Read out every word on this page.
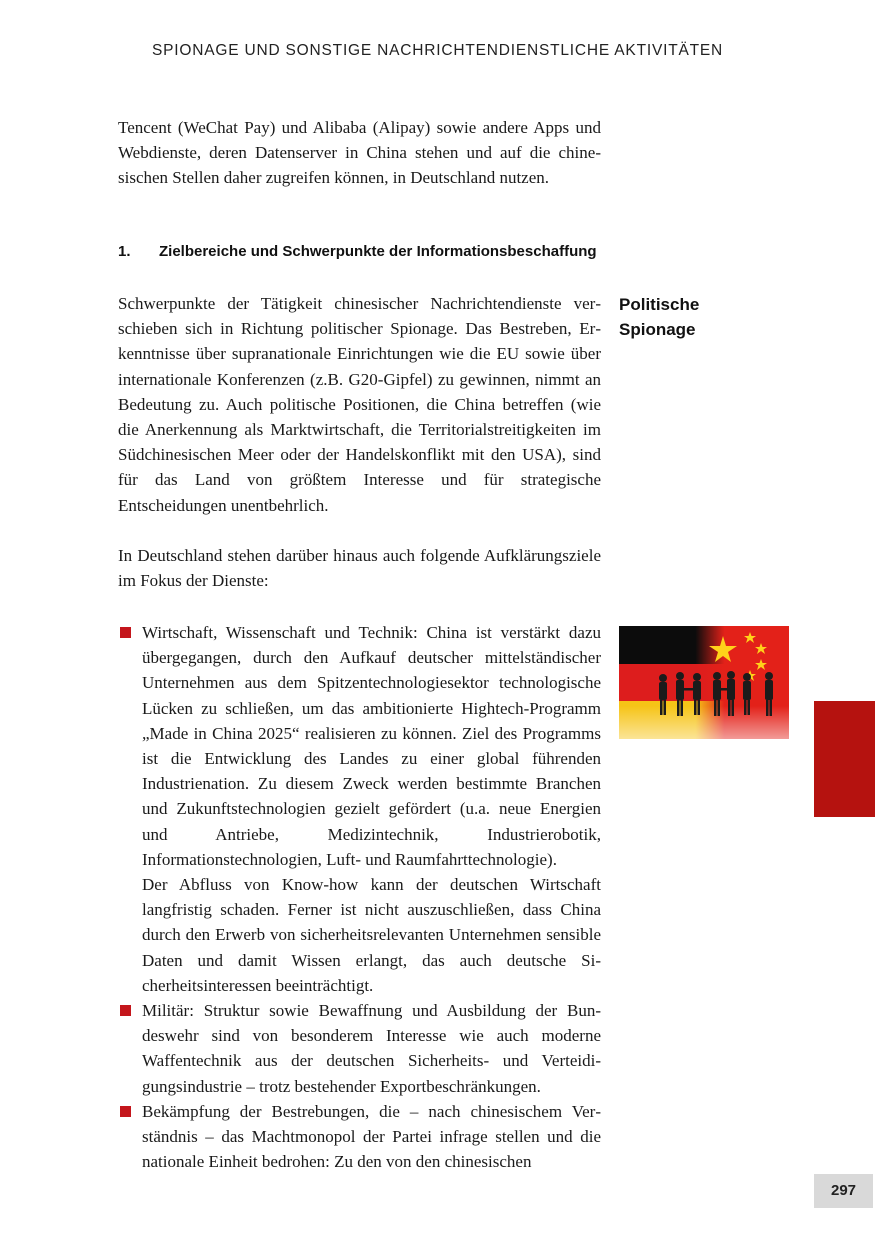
SPIONAGE UND SONSTIGE NACHRICHTENDIENSTLICHE AKTIVITÄTEN

Tencent (WeChat Pay) und Alibaba (Alipay) sowie andere Apps und Webdienste, deren Datenserver in China stehen und auf die chinesischen Stellen daher zugreifen können, in Deutschland nutzen.

1. Zielbereiche und Schwerpunkte der Informationsbeschaffung
Politische
Spionage

Schwerpunkte der Tätigkeit chinesischer Nachrichtendienste verschieben sich in Richtung politischer Spionage. Das Bestreben, Erkenntnisse über supranationale Einrichtungen wie die EU sowie über internationale Konferenzen (z.B. G20-Gipfel) zu gewinnen, nimmt an Bedeutung zu. Auch politische Positionen, die China betreffen (wie die Anerkennung als Marktwirtschaft, die Territorialstreitigkeiten im Südchinesischen Meer oder der Handelskonflikt mit den USA), sind für das Land von größtem Interesse und für strategische Entscheidungen unentbehrlich.

In Deutschland stehen darüber hinaus auch folgende Aufklärungsziele im Fokus der Dienste:

Wirtschaft, Wissenschaft und Technik: China ist verstärkt dazu übergegangen, durch den Aufkauf deutscher mittelständischer Unternehmen aus dem Spitzentechnologiesektor technologische Lücken zu schließen, um das ambitionierte Hightech-Programm „Made in China 2025“ realisieren zu können. Ziel des Programms ist die Entwicklung des Landes zu einer global führenden Industrienation. Zu diesem Zweck werden bestimmte Branchen und Zukunftstechnologien gezielt gefördert (u.a. neue Energien und Antriebe, Medizintechnik, Industrierobotik, Informationstechnologien, Luft- und Raumfahrttechnologie).

Der Abfluss von Know-how kann der deutschen Wirtschaft langfristig schaden. Ferner ist nicht auszuschließen, dass China durch den Erwerb von sicherheitsrelevanten Unternehmen sensible Daten und damit Wissen erlangt, das auch deutsche Sicherheitsinteressen beeinträchtigt.

Militär: Struktur sowie Bewaffnung und Ausbildung der Bundeswehr sind von besonderem Interesse wie auch moderne Waffentechnik aus der deutschen Sicherheits- und Verteidigungsindustrie – trotz bestehender Exportbeschränkungen.

Bekämpfung der Bestrebungen, die – nach chinesischem Verständnis – das Machtmonopol der Partei infrage stellen und die nationale Einheit bedrohen: Zu den von den chinesischen

297
